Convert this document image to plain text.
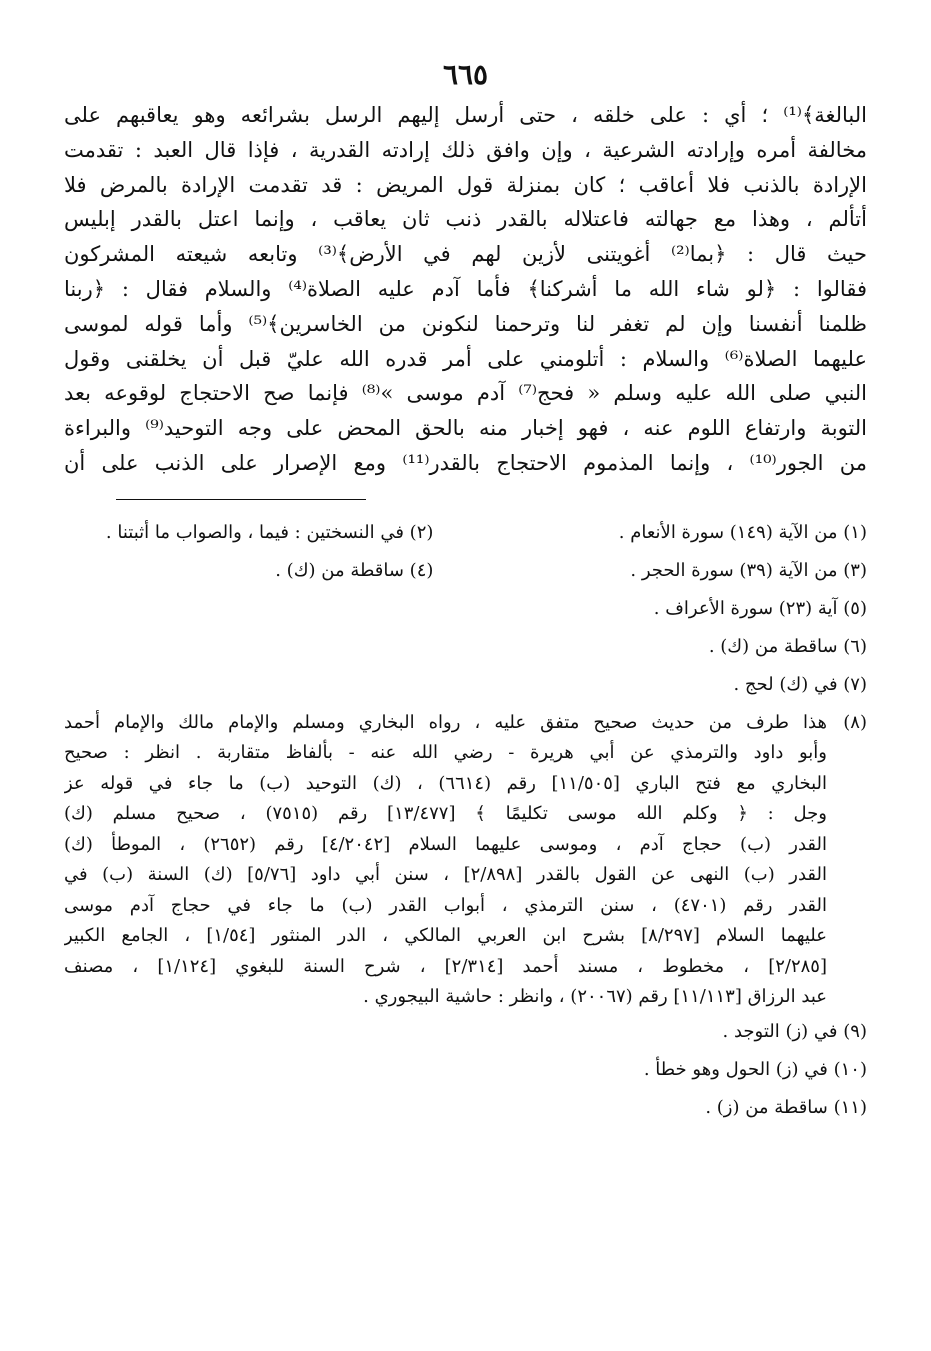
٦٦٥
البالغة﴾⁽¹⁾ ؛ أي : على خلقه ، حتى أرسل إليهم الرسل بشرائعه وهو يعاقبهم على
مخالفة أمره وإرادته الشرعية ، وإن وافق ذلك إرادته القدرية ، فإذا قال العبد : تقدمت
الإرادة بالذنب فلا أعاقب ؛ كان بمنزلة قول المريض : قد تقدمت الإرادة بالمرض فلا
أتألم ، وهذا مع جهالته فاعتلاله بالقدر ذنب ثان يعاقب ، وإنما اعتل بالقدر إبليس
حيث قال : ﴿بما⁽²⁾ أغويتنى لأزين لهم في الأرض﴾⁽³⁾ وتابعه شيعته المشركون
فقالوا : ﴿لو شاء الله ما أشركنا﴾ فأما آدم عليه الصلاة⁽⁴⁾ والسلام فقال : ﴿ربنا
ظلمنا أنفسنا وإن لم تغفر لنا وترحمنا لنكونن من الخاسرين﴾⁽⁵⁾ وأما قوله لموسى
عليهما الصلاة⁽⁶⁾ والسلام : أتلومني على أمر قدره الله عليّ قبل أن يخلقنى وقول
النبي صلى الله عليه وسلم « فحج⁽⁷⁾ آدم موسى »⁽⁸⁾ فإنما صح الاحتجاج لوقوعه بعد
التوبة وارتفاع اللوم عنه ، فهو إخبار منه بالحق المحض على وجه التوحيد⁽⁹⁾ والبراءة
من الجور⁽¹⁰⁾ ، وإنما المذموم الاحتجاج بالقدر⁽¹¹⁾ ومع الإصرار على الذنب على أن
(١) من الآية (١٤٩) سورة الأنعام .
(٢) في النسختين : فيما ، والصواب ما أثبتنا .
(٣) من الآية (٣٩) سورة الحجر .
(٤) ساقطة من (ك) .
(٥) آية (٢٣) سورة الأعراف .
(٦) ساقطة من (ك) .
(٧) في (ك) لحج .
(٨)
هذا طرف من حديث صحيح متفق عليه ، رواه البخاري ومسلم والإمام مالك والإمام أحمد
وأبو داود والترمذي عن أبي هريرة - رضي الله عنه - بألفاظ متقاربة . انظر : صحيح
البخاري مع فتح الباري [١١/٥٠٥] رقم (٦٦١٤) ، (ك) التوحيد (ب) ما جاء في قوله عز
وجل : ﴿ وكلم الله موسى تكليمًا ﴾ [١٣/٤٧٧] رقم (٧٥١٥) ، صحيح مسلم (ك)
القدر (ب) حجاج آدم ، وموسى عليهما السلام [٤/٢٠٤٢] رقم (٢٦٥٢) ، الموطأ (ك)
القدر (ب) النهى عن القول بالقدر [٢/٨٩٨] ، سنن أبي داود [٥/٧٦] (ك) السنة (ب) في
القدر رقم (٤٧٠١) ، سنن الترمذي ، أبواب القدر (ب) ما جاء في حجاج آدم موسى
عليهما السلام [٨/٢٩٧] بشرح ابن العربي المالكي ، الدر المنثور [١/٥٤] ، الجامع الكبير
[٢/٢٨٥] ، مخطوط ، مسند أحمد [٢/٣١٤] ، شرح السنة للبغوي [١/١٢٤] ، مصنف
عبد الرزاق [١١/١١٣] رقم (٢٠٠٦٧) ، وانظر : حاشية البيجوري .
(٩) في (ز) التوجد .
(١٠) في (ز) الحول وهو خطأ .
(١١) ساقطة من (ز) .
